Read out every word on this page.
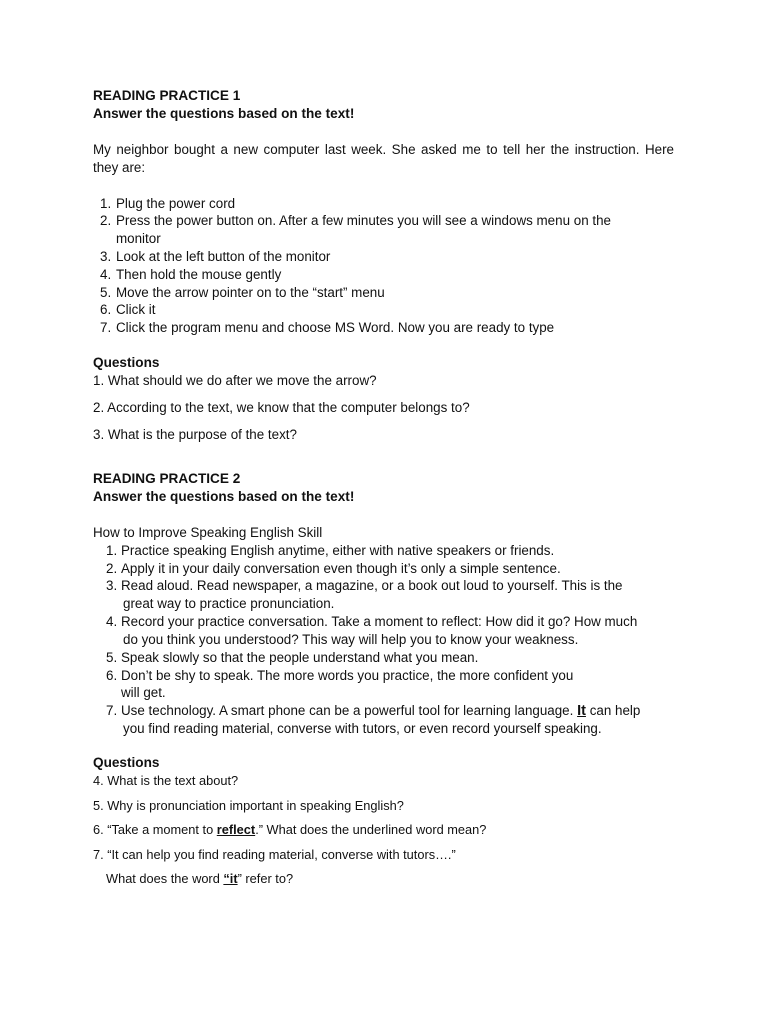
READING PRACTICE 1
Answer the questions based on the text!
My neighbor bought a new computer last week. She asked me to tell her the instruction. Here they are:
1. Plug the power cord
2. Press the power button on. After a few minutes you will see a windows menu on the
monitor
3. Look at the left button of the monitor
4. Then hold the mouse gently
5. Move the arrow pointer on to the “start” menu
6. Click it
7. Click the program menu and choose MS Word. Now you are ready to type
Questions
1. What should we do after we move the arrow?
2. According to the text, we know that the computer belongs to?
3. What is the purpose of the text?
READING PRACTICE 2
Answer the questions based on the text!
How to Improve Speaking English Skill
1. Practice speaking English anytime, either with native speakers or friends.
2. Apply it in your daily conversation even though it’s only a simple sentence.
3. Read aloud. Read newspaper, a magazine, or a book out loud to yourself. This is the
great way to practice pronunciation.
4. Record your practice conversation. Take a moment to reflect: How did it go? How much
do you think you understood? This way will help you to know your weakness.
5. Speak slowly so that the people understand what you mean.
6. Don’t be shy to speak. The more words you practice, the more confident you
will get.
7. Use technology. A smart phone can be a powerful tool for learning language. It can help
you find reading material, converse with tutors, or even record yourself speaking.
Questions
4. What is the text about?
5. Why is pronunciation important in speaking English?
6. “Take a moment to reflect.” What does the underlined word mean?
7. “It can help you find reading material, converse with tutors….”
What does the word “it” refer to?
